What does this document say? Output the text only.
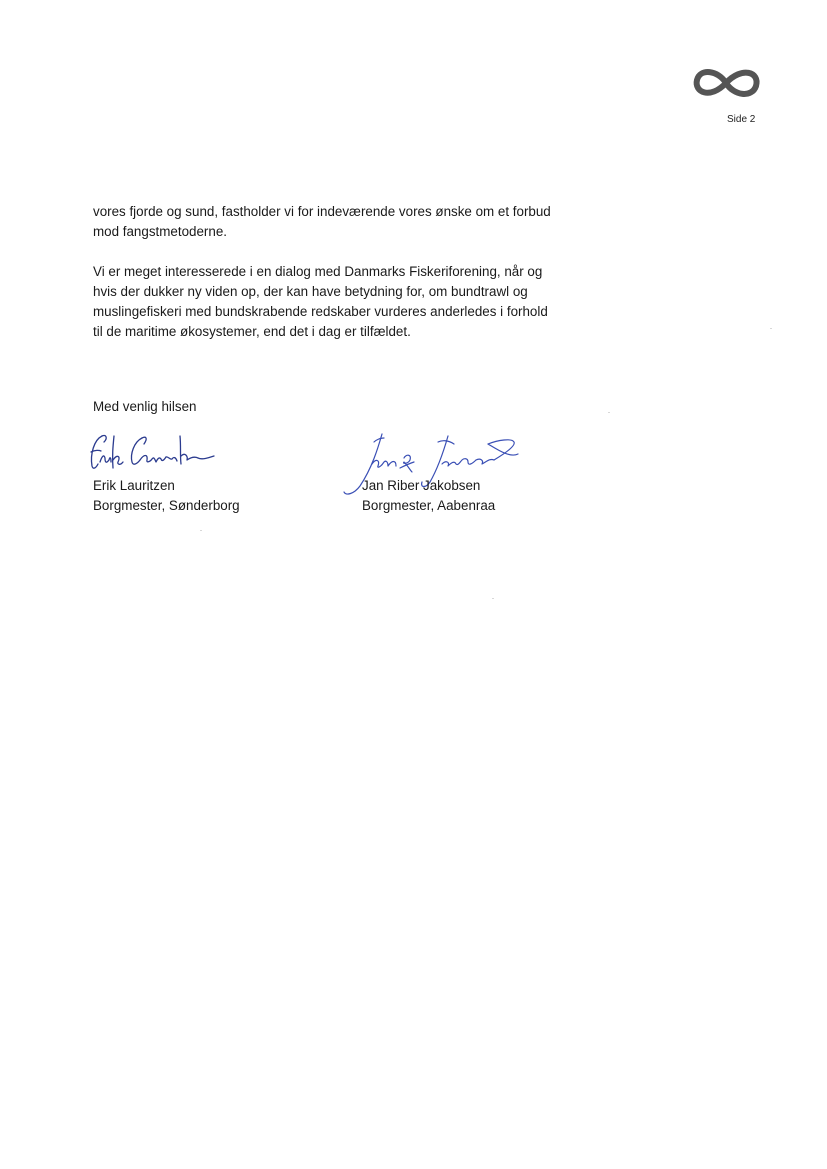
Side 2

vores fjorde og sund, fastholder vi for indeværende vores ønske om et forbud
mod fangstmetoderne.

Vi er meget interesserede i en dialog med Danmarks Fiskeriforening, når og
hvis der dukker ny viden op, der kan have betydning for, om bundtrawl og
muslingefiskeri med bundskrabende redskaber vurderes anderledes i forhold
til de maritime økosystemer, end det i dag er tilfældet.

Med venlig hilsen
Erik Lauritzen
Borgmester, Sønderborg
Jan Riber Jakobsen
Borgmester, Aabenraa
